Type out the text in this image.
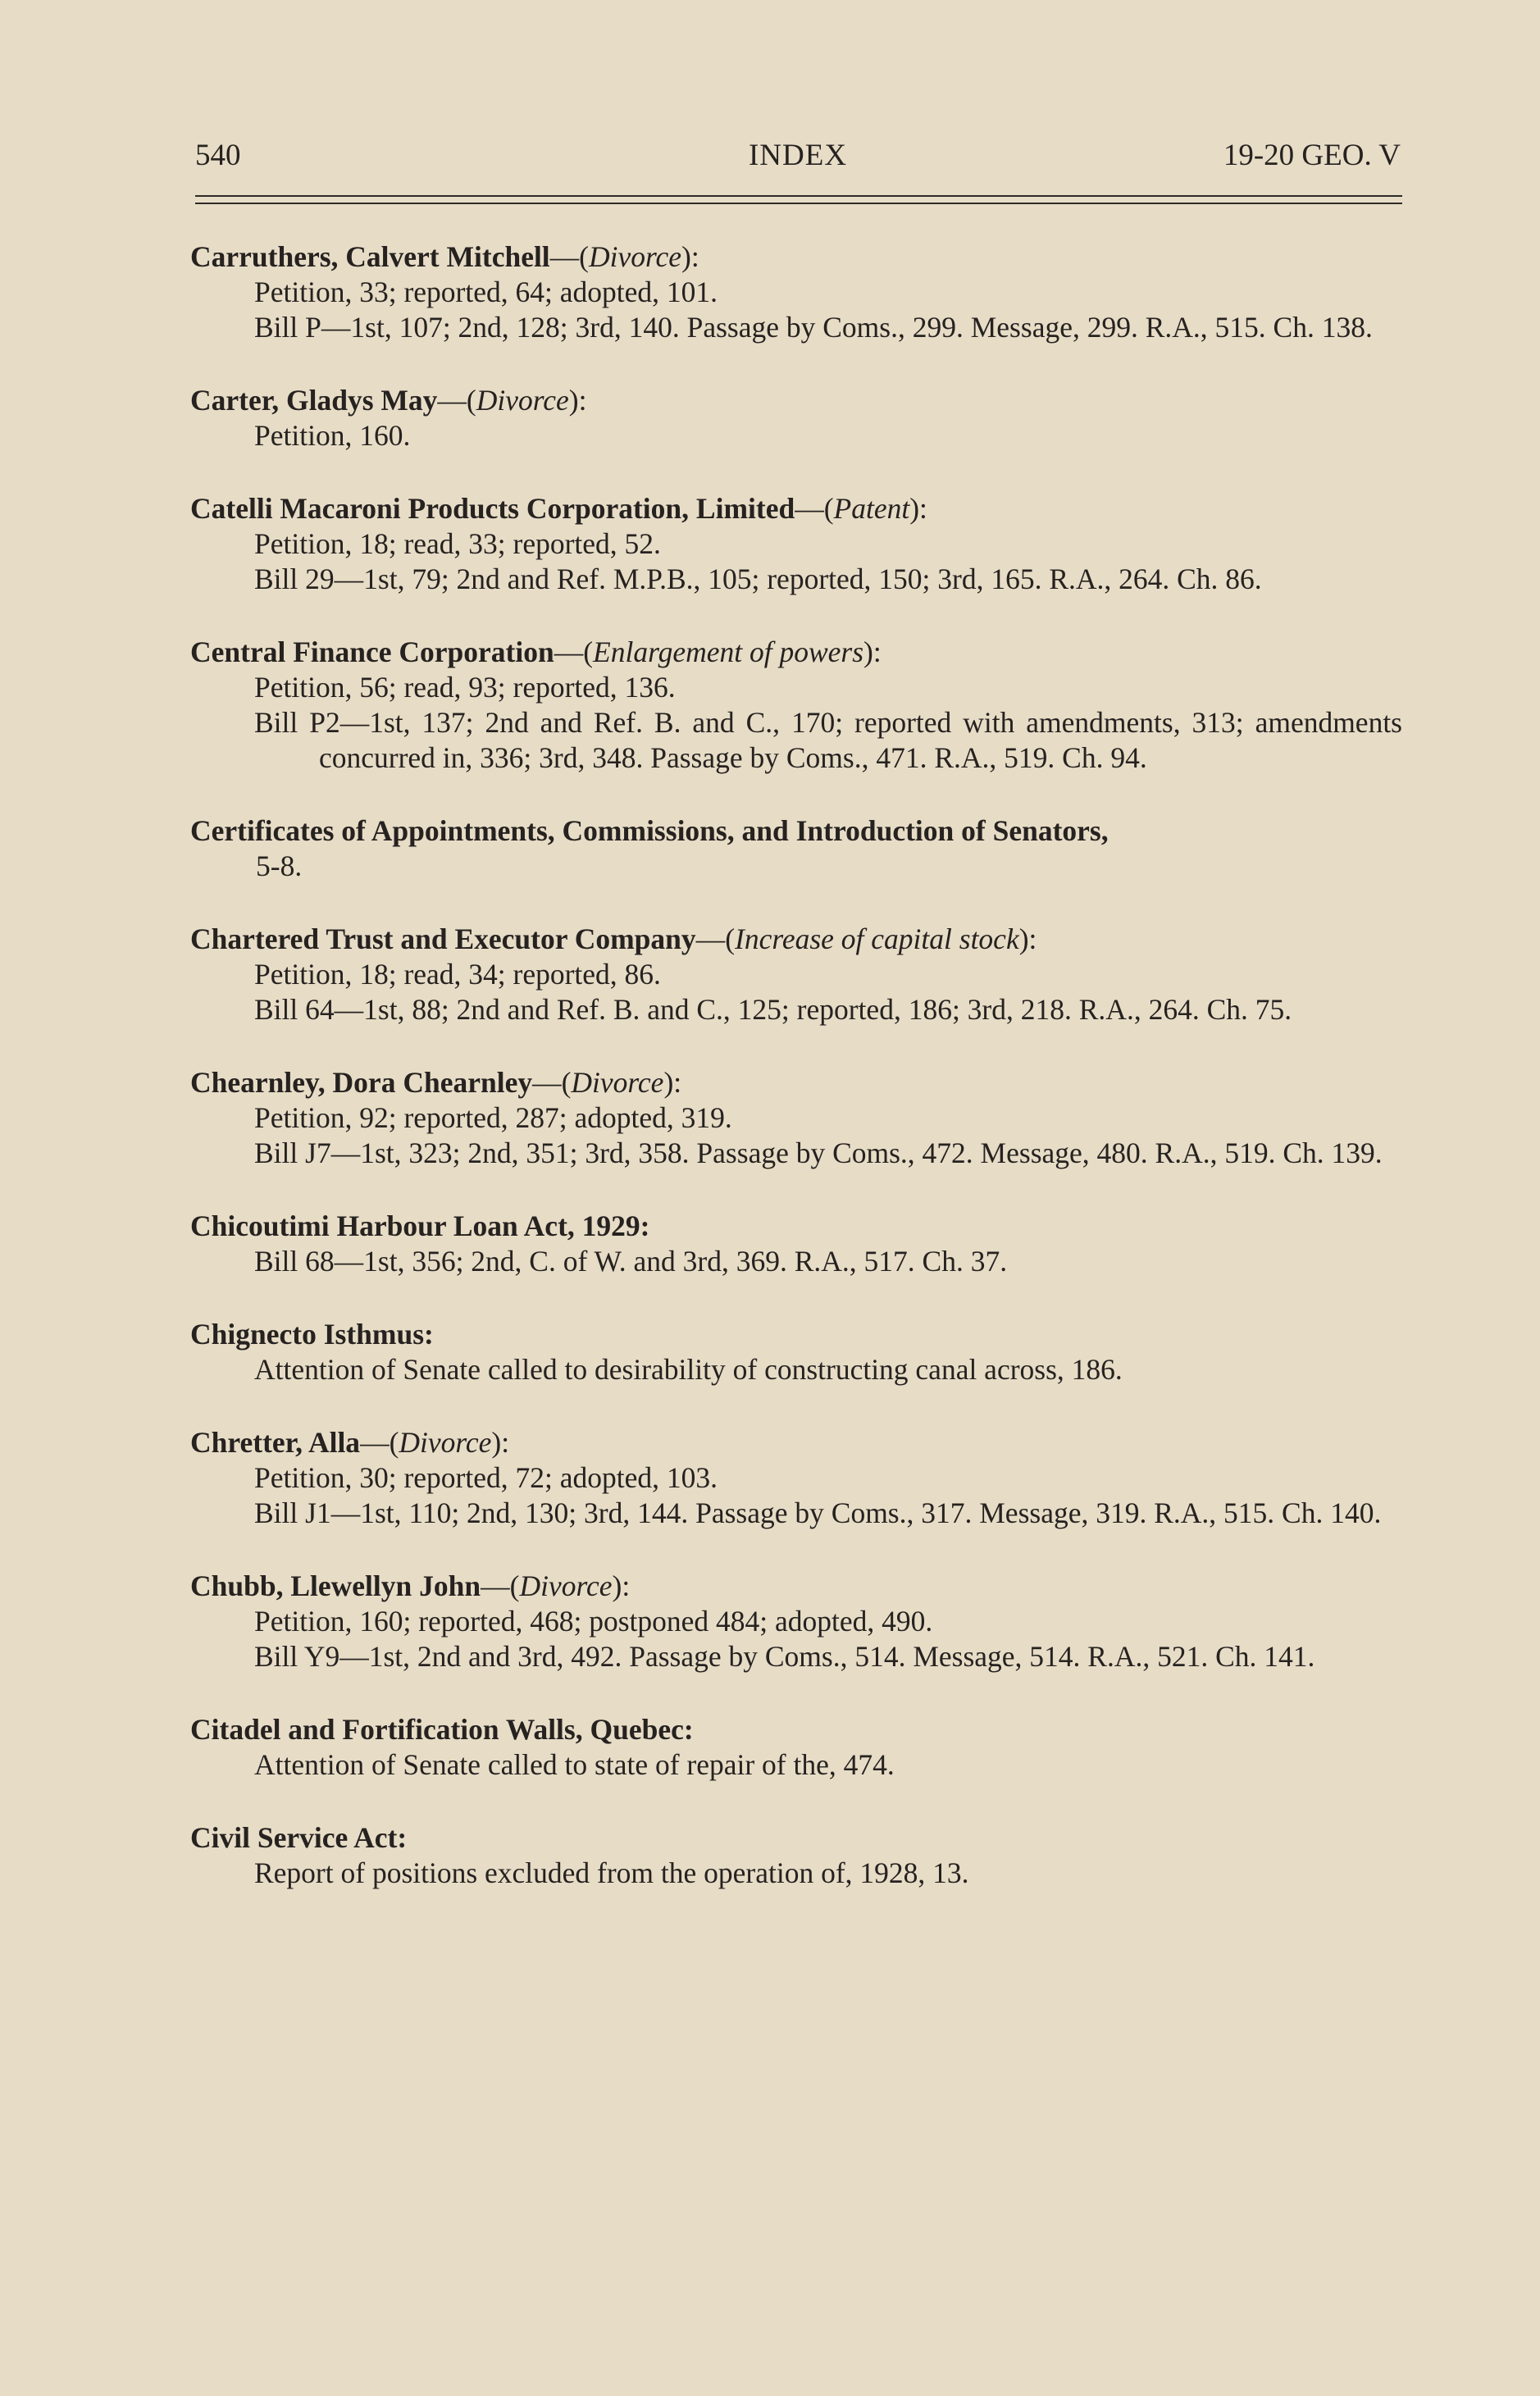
540	INDEX	19-20 GEO. V

Carruthers, Calvert Mitchell—(Divorce):

Petition, 33; reported, 64; adopted, 101.

Bill P—1st, 107; 2nd, 128; 3rd, 140. Passage by Coms., 299. Message, 299. R.A., 515. Ch. 138.

Carter, Gladys May—(Divorce):

Petition, 160.

Catelli Macaroni Products Corporation, Limited—(Patent):

Petition, 18; read, 33; reported, 52.

Bill 29—1st, 79; 2nd and Ref. M.P.B., 105; reported, 150; 3rd, 165. R.A., 264. Ch. 86.

Central Finance Corporation—(Enlargement of powers):

Petition, 56; read, 93; reported, 136.

Bill P2—1st, 137; 2nd and Ref. B. and C., 170; reported with amendments, 313; amendments concurred in, 336; 3rd, 348. Passage by Coms., 471. R.A., 519. Ch. 94.

Certificates of Appointments, Commissions, and Introduction of Senators,

5-8.

Chartered Trust and Executor Company—(Increase of capital stock):

Petition, 18; read, 34; reported, 86.

Bill 64—1st, 88; 2nd and Ref. B. and C., 125; reported, 186; 3rd, 218. R.A., 264. Ch. 75.

Chearnley, Dora Chearnley—(Divorce):

Petition, 92; reported, 287; adopted, 319.

Bill J7—1st, 323; 2nd, 351; 3rd, 358. Passage by Coms., 472. Message, 480. R.A., 519. Ch. 139.

Chicoutimi Harbour Loan Act, 1929:

Bill 68—1st, 356; 2nd, C. of W. and 3rd, 369. R.A., 517. Ch. 37.

Chignecto Isthmus:

Attention of Senate called to desirability of constructing canal across, 186.

Chretter, Alla—(Divorce):

Petition, 30; reported, 72; adopted, 103.

Bill J1—1st, 110; 2nd, 130; 3rd, 144. Passage by Coms., 317. Message, 319. R.A., 515. Ch. 140.

Chubb, Llewellyn John—(Divorce):

Petition, 160; reported, 468; postponed 484; adopted, 490.

Bill Y9—1st, 2nd and 3rd, 492. Passage by Coms., 514. Message, 514. R.A., 521. Ch. 141.

Citadel and Fortification Walls, Quebec:

Attention of Senate called to state of repair of the, 474.

Civil Service Act:

Report of positions excluded from the operation of, 1928, 13.
